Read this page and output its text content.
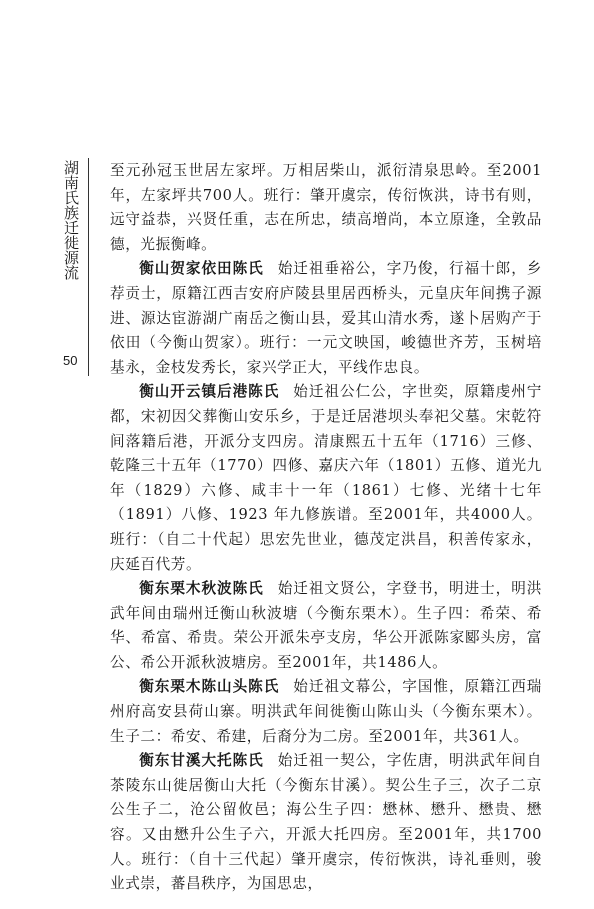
湖南氏族迁徙源流
50

至元孙冠玉世居左家坪。万相居柴山，派衍清泉思岭。至2001年，左家坪共700人。班行：肇开虞宗，传衍恢洪，诗书有则，远守益恭，兴贤任重，志在所忠，绩高増尚，本立原逢，全敦品德，光振衡峰。

衡山贺家依田陈氏 始迁祖垂裕公，字乃俊，行福十郎，乡荐贡士，原籍江西吉安府庐陵县里居西桥头，元皇庆年间携子源进、源达宦游湖广南岳之衡山县，爱其山清水秀，遂卜居购产于依田（今衡山贺家）。班行：一元文映国，峻德世齐芳，玉树培基永，金枝发秀长，家兴学正大，平线作忠良。

衡山开云镇后港陈氏 始迁祖公仁公，字世奕，原籍虔州宁都，宋初因父葬衡山安乐乡，于是迁居港坝头奉祀父墓。宋乾符间落籍后港，开派分支四房。清康熙五十五年（1716）三修、乾隆三十五年（1770）四修、嘉庆六年（1801）五修、道光九年（1829）六修、咸丰十一年（1861）七修、光绪十七年（1891）八修、1923 年九修族谱。至2001年，共4000人。班行：（自二十代起）思宏先世业，德茂定洪昌，积善传家永，庆延百代芳。

衡东栗木秋波陈氏 始迁祖文贤公，字登书，明进士，明洪武年间由瑞州迁衡山秋波塘（今衡东栗木）。生子四：希荣、希华、希富、希贵。荣公开派朱亭支房，华公开派陈家郾头房，富公、希公开派秋波塘房。至2001年，共1486人。

衡东栗木陈山头陈氏 始迁祖文幕公，字国惟，原籍江西瑞州府高安县荷山寨。明洪武年间徙衡山陈山头（今衡东栗木）。生子二：希安、希建，后裔分为二房。至2001年，共361人。

衡东甘溪大托陈氏 始迁祖一契公，字佐唐，明洪武年间自茶陵东山徙居衡山大托（今衡东甘溪）。契公生子三，次子二京公生子二，沧公留攸邑；海公生子四：懋林、懋升、懋贵、懋容。又由懋升公生子六，开派大托四房。至2001年，共1700人。班行：（自十三代起）肇开虞宗，传衍恢洪，诗礼垂则，骏业式崇，蕃昌秩序，为国思忠，
